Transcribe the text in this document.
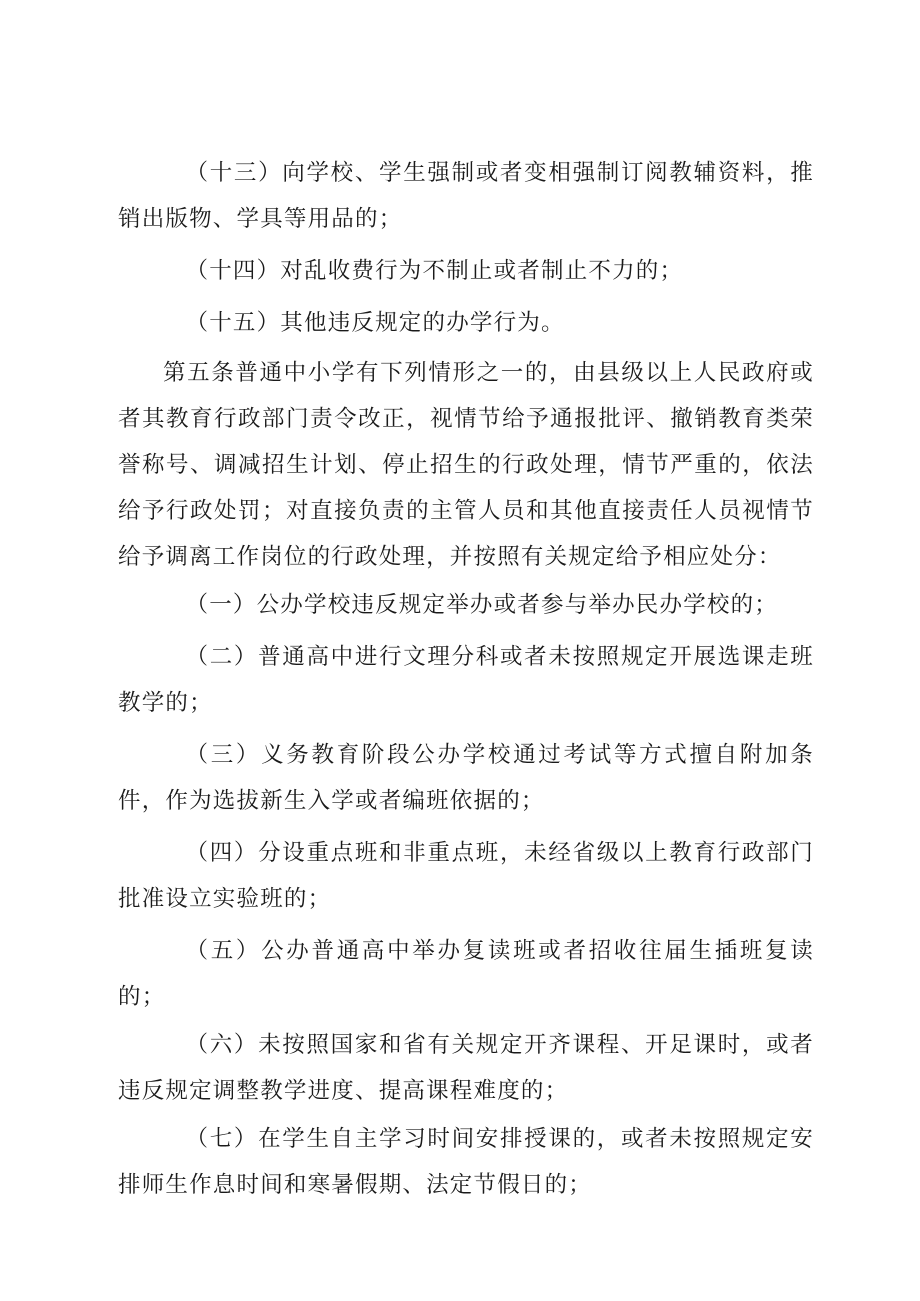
（十三）向学校、学生强制或者变相强制订阅教辅资料，推销出版物、学具等用品的；

（十四）对乱收费行为不制止或者制止不力的；

（十五）其他违反规定的办学行为。

第五条普通中小学有下列情形之一的，由县级以上人民政府或者其教育行政部门责令改正，视情节给予通报批评、撤销教育类荣誉称号、调减招生计划、停止招生的行政处理，情节严重的，依法给予行政处罚；对直接负责的主管人员和其他直接责任人员视情节给予调离工作岗位的行政处理，并按照有关规定给予相应处分：

（一）公办学校违反规定举办或者参与举办民办学校的；

（二）普通高中进行文理分科或者未按照规定开展选课走班教学的；

（三）义务教育阶段公办学校通过考试等方式擅自附加条件，作为选拔新生入学或者编班依据的；

（四）分设重点班和非重点班，未经省级以上教育行政部门批准设立实验班的；

（五）公办普通高中举办复读班或者招收往届生插班复读的；

（六）未按照国家和省有关规定开齐课程、开足课时，或者违反规定调整教学进度、提高课程难度的；

（七）在学生自主学习时间安排授课的，或者未按照规定安排师生作息时间和寒暑假期、法定节假日的；
